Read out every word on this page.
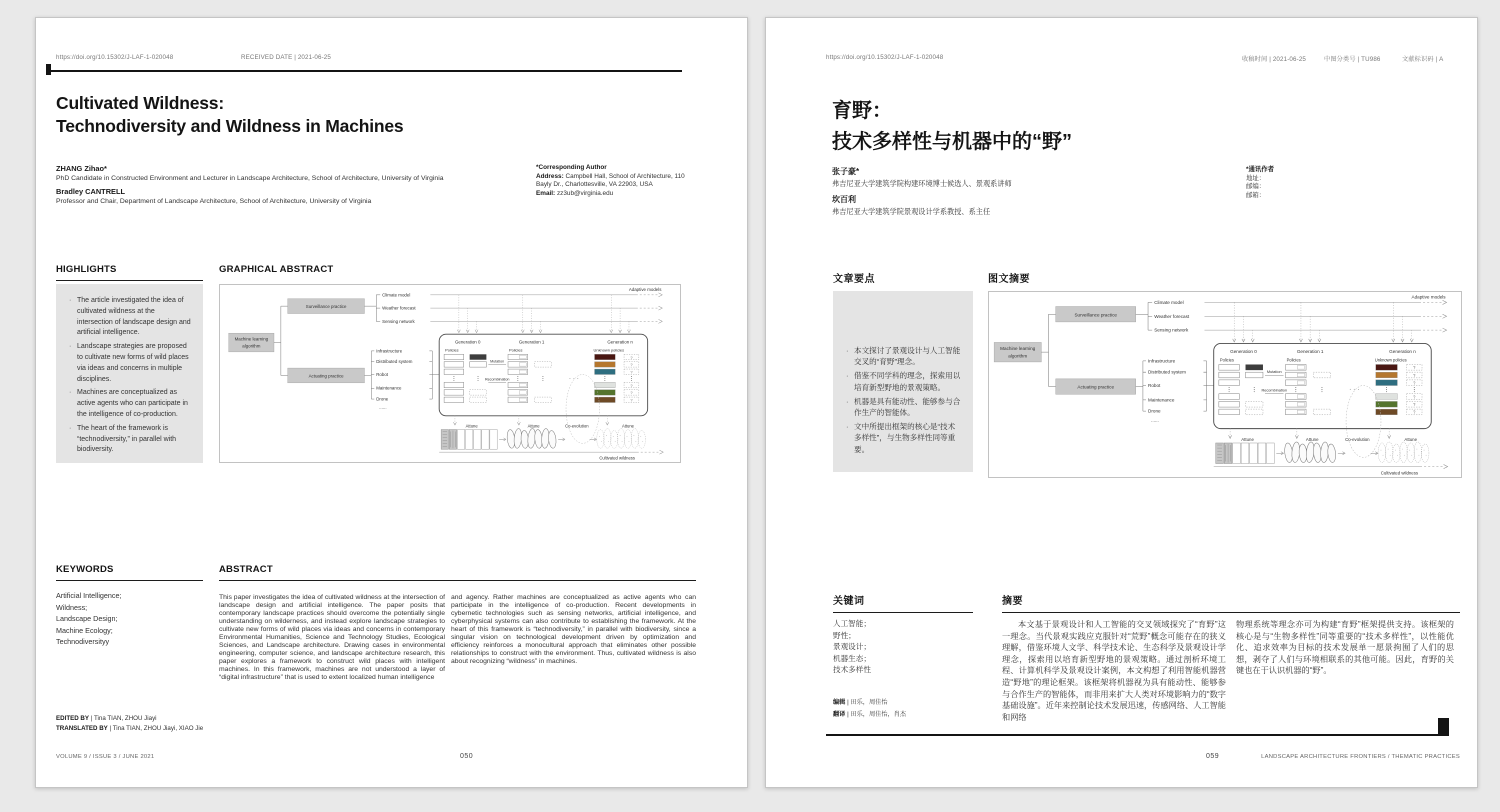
https://doi.org/10.15302/J-LAF-1-020048	RECEIVED DATE | 2021-06-25
Cultivated Wildness:
Technodiversity and Wildness in Machines
ZHANG Zihao*
PhD Candidate in Constructed Environment and Lecturer in Landscape Architecture, School of Architecture, University of Virginia
Bradley CANTRELL
Professor and Chair, Department of Landscape Architecture, School of Architecture, University of Virginia
*Corresponding Author
Address: Campbell Hall, School of Architecture, 110 Bayly Dr., Charlottesville, VA 22903, USA
Email: zz3ub@virginia.edu
HIGHLIGHTS
· The article investigated the idea of cultivated wildness at the intersection of landscape design and artificial intelligence.
· Landscape strategies are proposed to cultivate new forms of wild places via ideas and concerns in multiple disciplines.
· Machines are conceptualized as active agents who can participate in the intelligence of co-production.
· The heart of the framework is “technodiversity,” in parallel with biodiversity.
GRAPHICAL ABSTRACT
Machine learning
algorithm
Surveillance practice
Actuating practice
Climate model
Weather forecast
Sensing network
Adaptive models
Infrastructure
Distributed system
Robot
Maintenance
Drone
......
Generation 0
Policies
Mutation
Recombination
Generation 1
Policies
· · ·
Generation n
Unknown policies
?
?
?
?
?
?
Attune	Attune	Co-evolution	Attune
Cultivated wildness
KEYWORDS
Artificial Intelligence;
Wildness;
Landscape Design;
Machine Ecology;
Technodiversityy
EDITED BY | Tina TIAN, ZHOU Jiayi
TRANSLATED BY | Tina TIAN, ZHOU Jiayi, XIAO Jie
ABSTRACT
This paper investigates the idea of cultivated wildness at the intersection of landscape design and artificial intelligence. The paper posits that contemporary landscape practices should overcome the potentially single understanding on wilderness, and instead explore landscape strategies to cultivate new forms of wild places via ideas and concerns in contemporary Environmental Humanities, Science and Technology Studies, Ecological Sciences, and Landscape architecture. Drawing cases in environmental engineering, computer science, and landscape architecture research, this paper explores a framework to construct wild places with intelligent machines. In this framework, machines are not understood a layer of “digital infrastructure” that is used to extent localized human intelligence
and agency. Rather machines are conceptualized as active agents who can participate in the intelligence of co-production. Recent developments in cybernetic technologies such as sensing networks, artificial intelligence, and cyberphysical systems can also contribute to establishing the framework. At the heart of this framework is “technodiversity,” in parallel with biodiversity, since a singular vision on technological development driven by optimization and efficiency reinforces a monocultural approach that eliminates other possible relationships to construct with the environment. Thus, cultivated wildness is also about recognizing “wildness” in machines.
VOLUME 9 / ISSUE 3 / JUNE 2021	050
https://doi.org/10.15302/J-LAF-1-020048	收稿时间 | 2021-06-25	中图分类号 | TU986	文献标识码 | A
育野：
技术多样性与机器中的“野”
张子豪*
弗吉尼亚大学建筑学院构建环境博士候选人、景观系讲师
坎百利
弗吉尼亚大学建筑学院景观设计学系教授、系主任
*通讯作者
地址：
邮编：
邮箱：
文章要点
· 本文探讨了景观设计与人工智能交叉的“育野”理念。
· 借鉴不同学科的理念，探索用以培育新型野地的景观策略。
· 机器是具有能动性、能够参与合作生产的智能体。
· 文中所提出框架的核心是“技术多样性”，与生物多样性同等重要。
图文摘要
Machine learning
algorithm
Surveillance practice
Actuating practice
Climate model
Weather forecast
Sensing network
Adaptive models
Infrastructure
Distributed system
Robot
Maintenance
Drone
......
Generation 0
Policies
Mutation
Recombination
Generation 1
Policies
· · ·
Generation n
Unknown policies
?
?
?
?
?
?
Attune	Attune	Co-evolution	Attune
Cultivated wildness
关键词
人工智能；
野性；
景观设计；
机器生态；
技术多样性
编辑 | 田乐，周佳怡
翻译 | 田乐，周佳怡，肖杰
摘要
本文基于景观设计和人工智能的交叉领域探究了“育野”这一理念。当代景观实践应克服针对“荒野”概念可能存在的狭义理解，借鉴环境人文学、科学技术论、生态科学及景观设计学理念，探索用以培育新型野地的景观策略。通过剖析环境工程、计算机科学及景观设计案例，本文构想了利用智能机器营造“野地”的理论框架。该框架将机器视为具有能动性、能够参与合作生产的智能体，而非用来扩大人类对环境影响力的“数字基础设施”。近年来控制论技术发展迅速，传感网络、人工智能和网络
物理系统等理念亦可为构建“育野”框架提供支持。该框架的核心是与“生物多样性”同等重要的“技术多样性”，以性能优化、追求效率为目标的技术发展单一愿景拘囿了人们的思想，剥夺了人们与环境相联系的其他可能。因此，育野的关键也在于认识机器的“野”。
059	LANDSCAPE ARCHITECTURE FRONTIERS / THEMATIC PRACTICES
